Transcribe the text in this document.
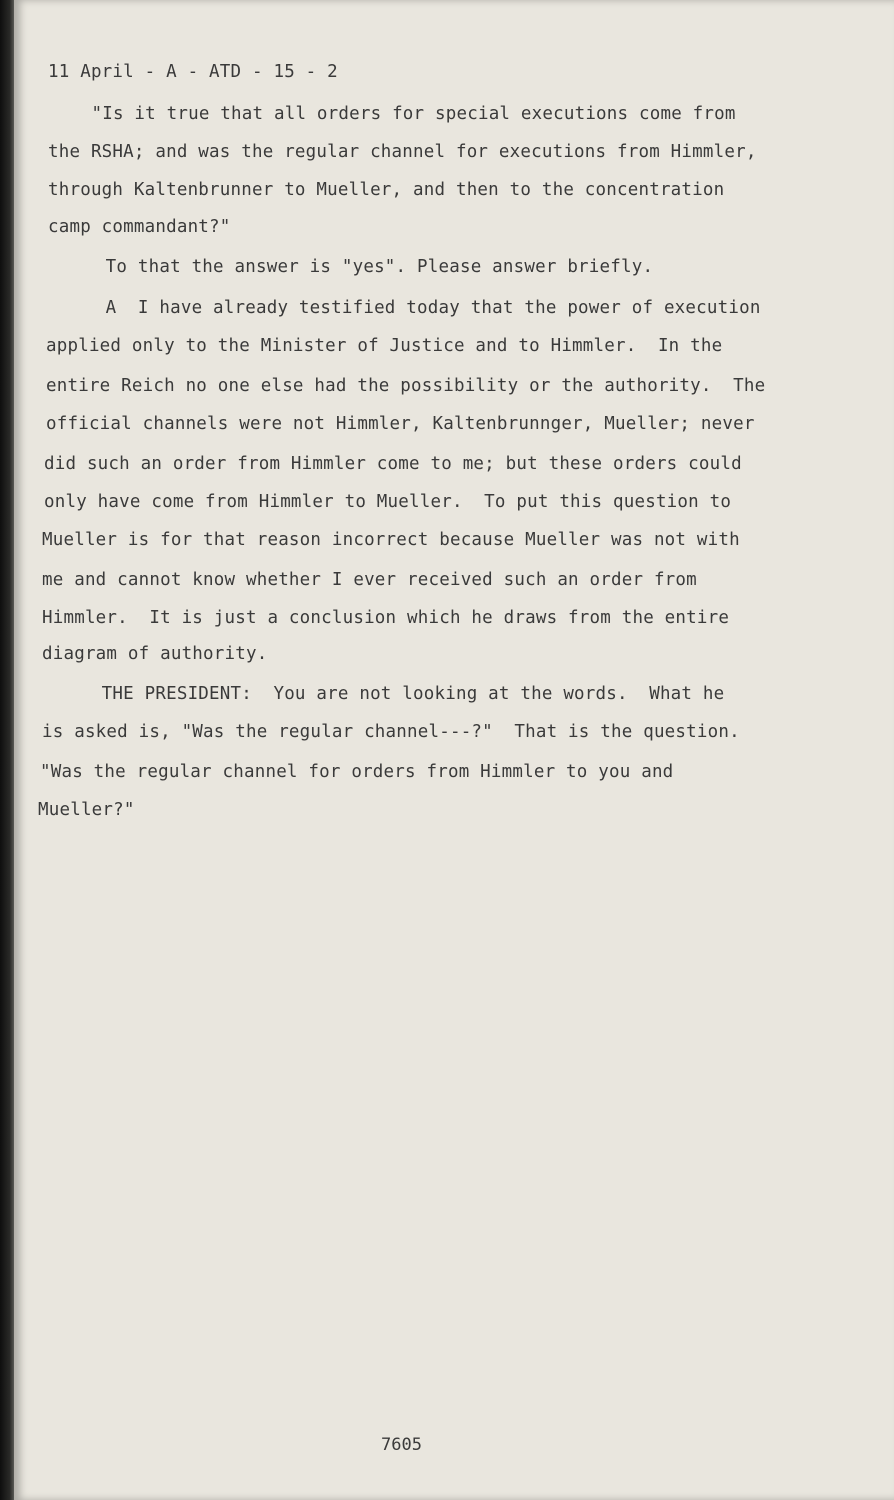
11 April - A - ATD - 15 - 2
"Is it true that all orders for special executions come from
the RSHA; and was the regular channel for executions from Himmler,
through Kaltenbrunner to Mueller, and then to the concentration
camp commandant?"
To that the answer is "yes". Please answer briefly.
A  I have already testified today that the power of execution
applied only to the Minister of Justice and to Himmler.  In the
entire Reich no one else had the possibility or the authority.  The
official channels were not Himmler, Kaltenbrunnger, Mueller; never
did such an order from Himmler come to me; but these orders could
only have come from Himmler to Mueller.  To put this question to
Mueller is for that reason incorrect because Mueller was not with
me and cannot know whether I ever received such an order from
Himmler.  It is just a conclusion which he draws from the entire
diagram of authority.
THE PRESIDENT:  You are not looking at the words.  What he
is asked is, "Was the regular channel---?"  That is the question.
"Was the regular channel for orders from Himmler to you and
Mueller?"
7605
